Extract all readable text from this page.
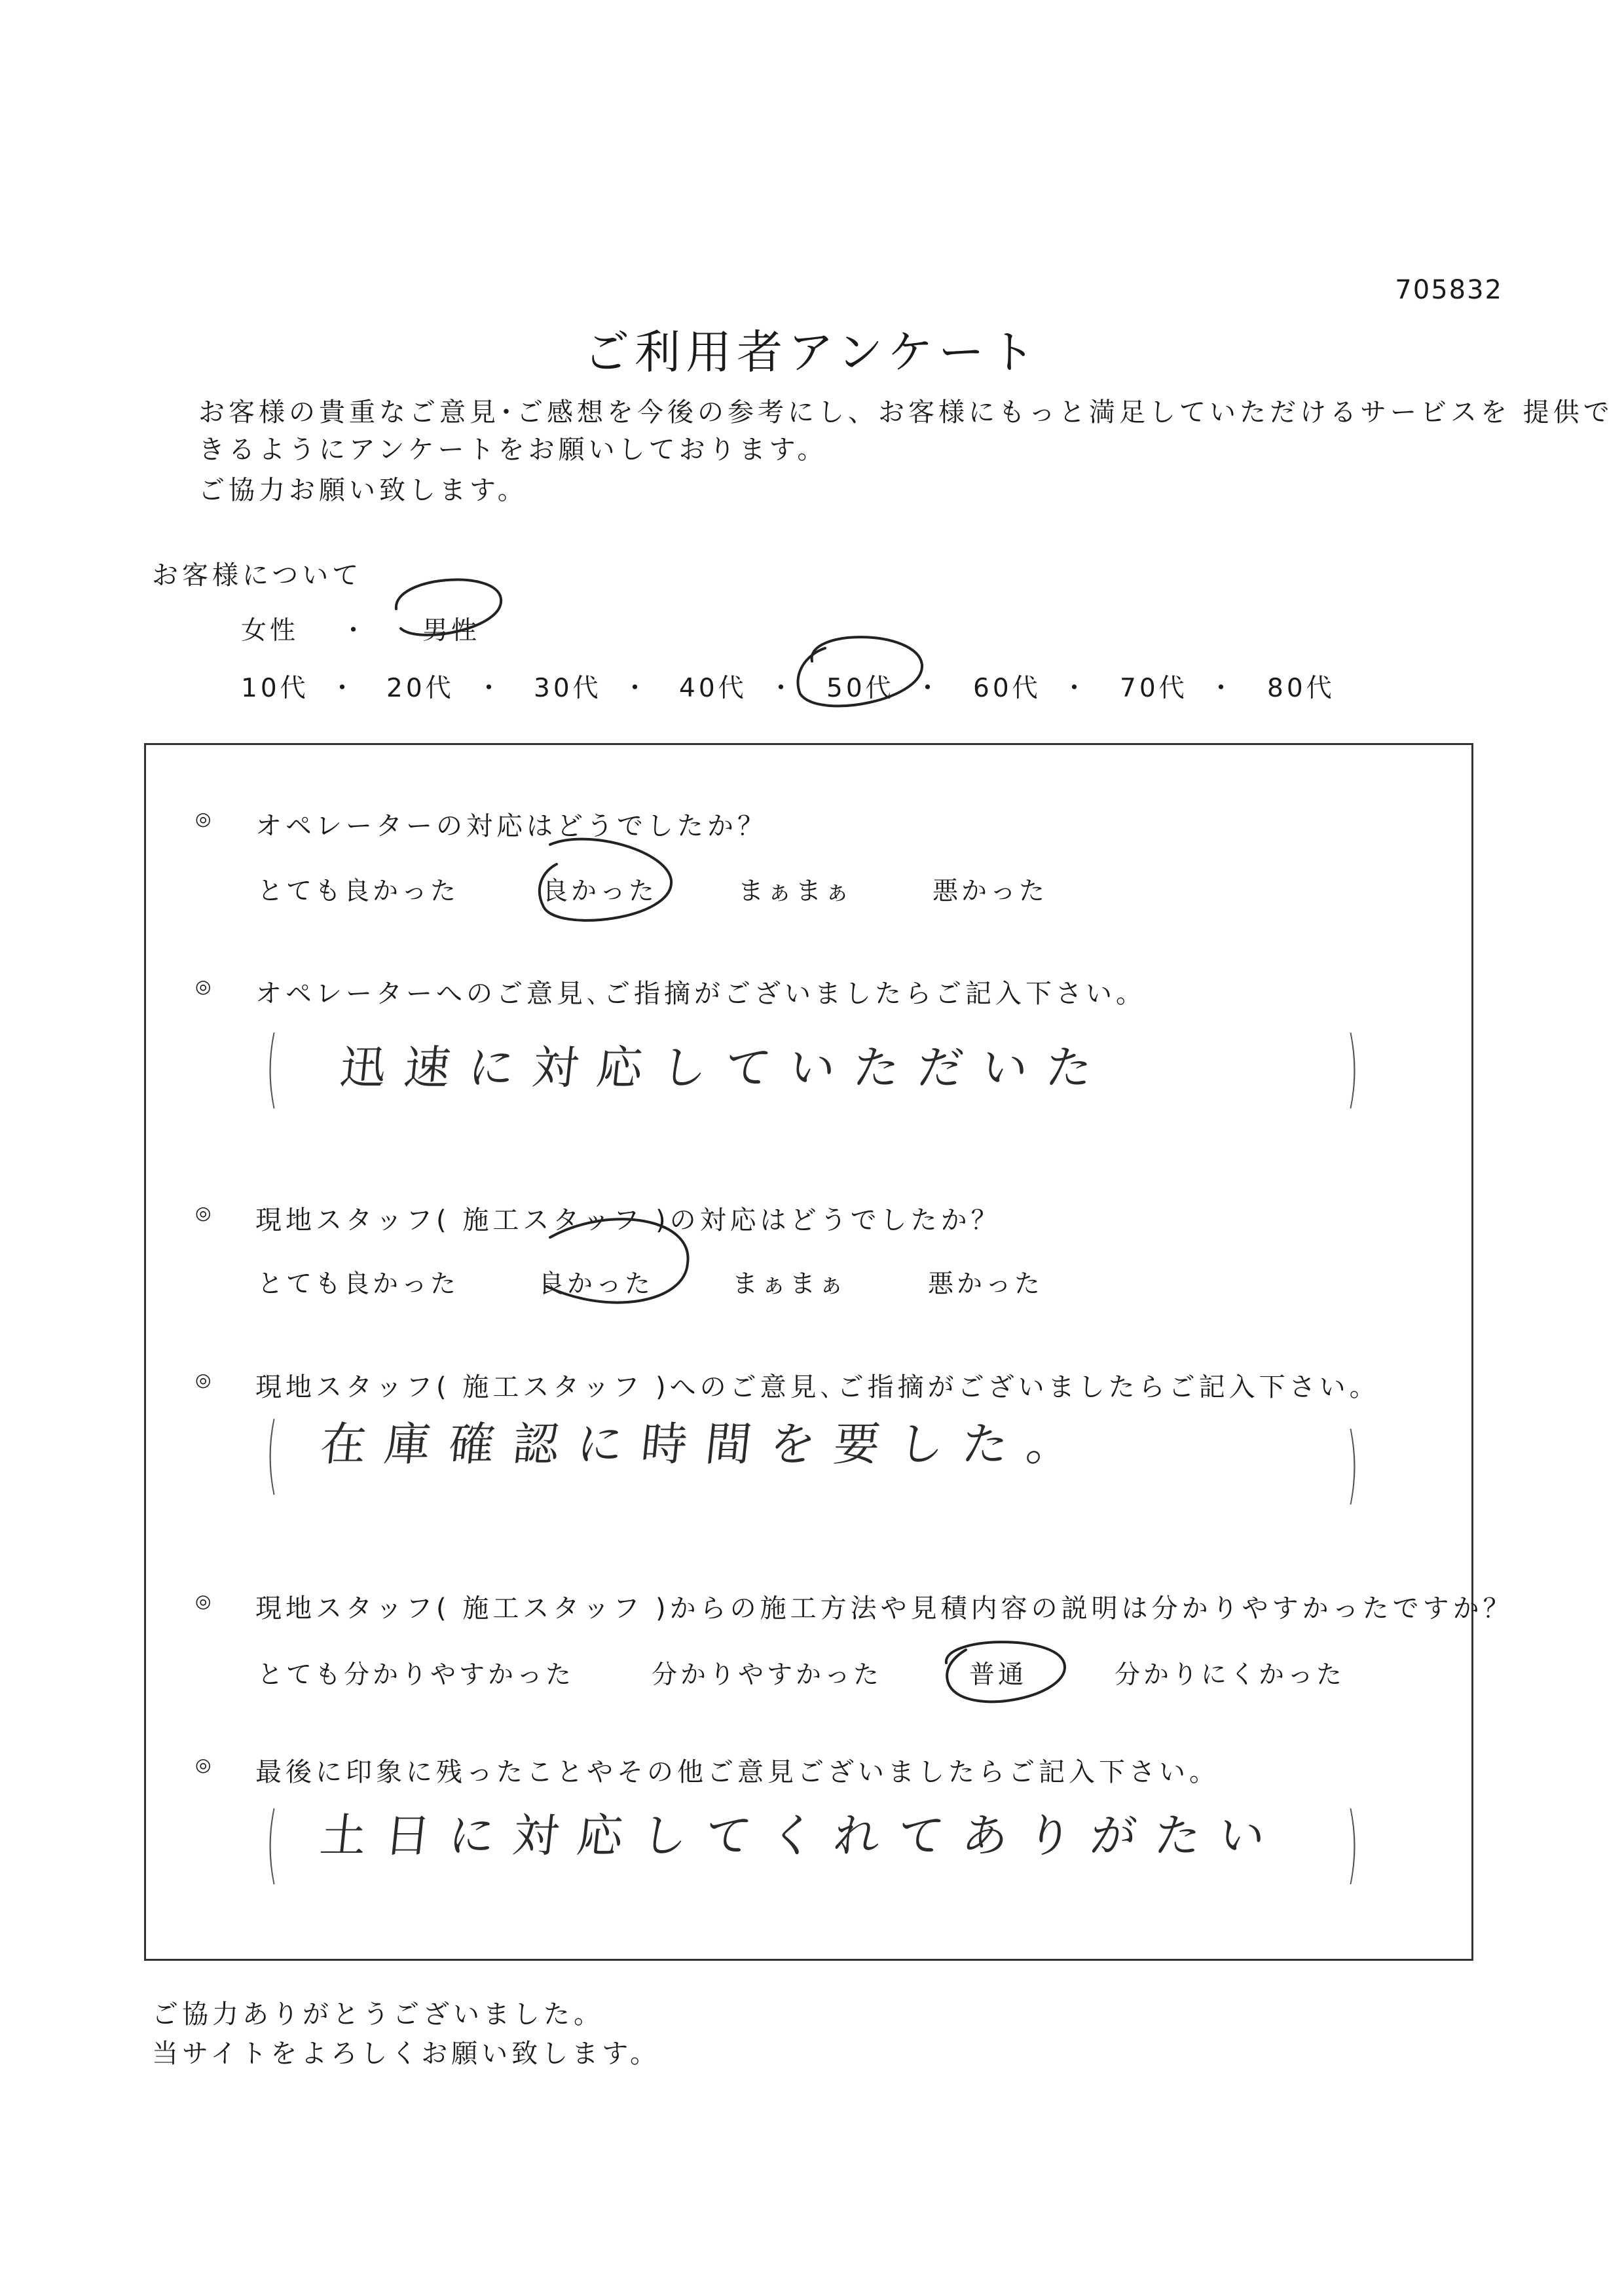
705832
ご利用者アンケート
お客様の貴重なご意見･ご感想を今後の参考にし、お客様にもっと満足していただけるサービスを 提供で
きるようにアンケートをお願いしております。
ご協力お願い致します。
お客様について
女性 ・ 男性
10代 ・ 20代 ・ 30代 ・ 40代 ・ 50代 ・ 60代 ・ 70代 ・ 80代
◎ オペレーターの対応はどうでしたか？
とても良かった	良かった	まぁまぁ	悪かった
◎ オペレーターへのご意見､ご指摘がございましたらご記入下さい。
( 迅速に対応していただいた	)
◎ 現地スタッフ( 施工スタッフ )の対応はどうでしたか？
とても良かった	良かった	まぁまぁ	悪かった
◎ 現地スタッフ( 施工スタッフ )へのご意見､ご指摘がございましたらご記入下さい。
( 在庫確認に時間を要した。	)
◎ 現地スタッフ( 施工スタッフ )からの施工方法や見積内容の説明は分かりやすかったですか？
とても分かりやすかった	分かりやすかった	普通	分かりにくかった
◎ 最後に印象に残ったことやその他ご意見ございましたらご記入下さい。
( 土日に対応してくれてありがたい )
ご協力ありがとうございました。
当サイトをよろしくお願い致します。
